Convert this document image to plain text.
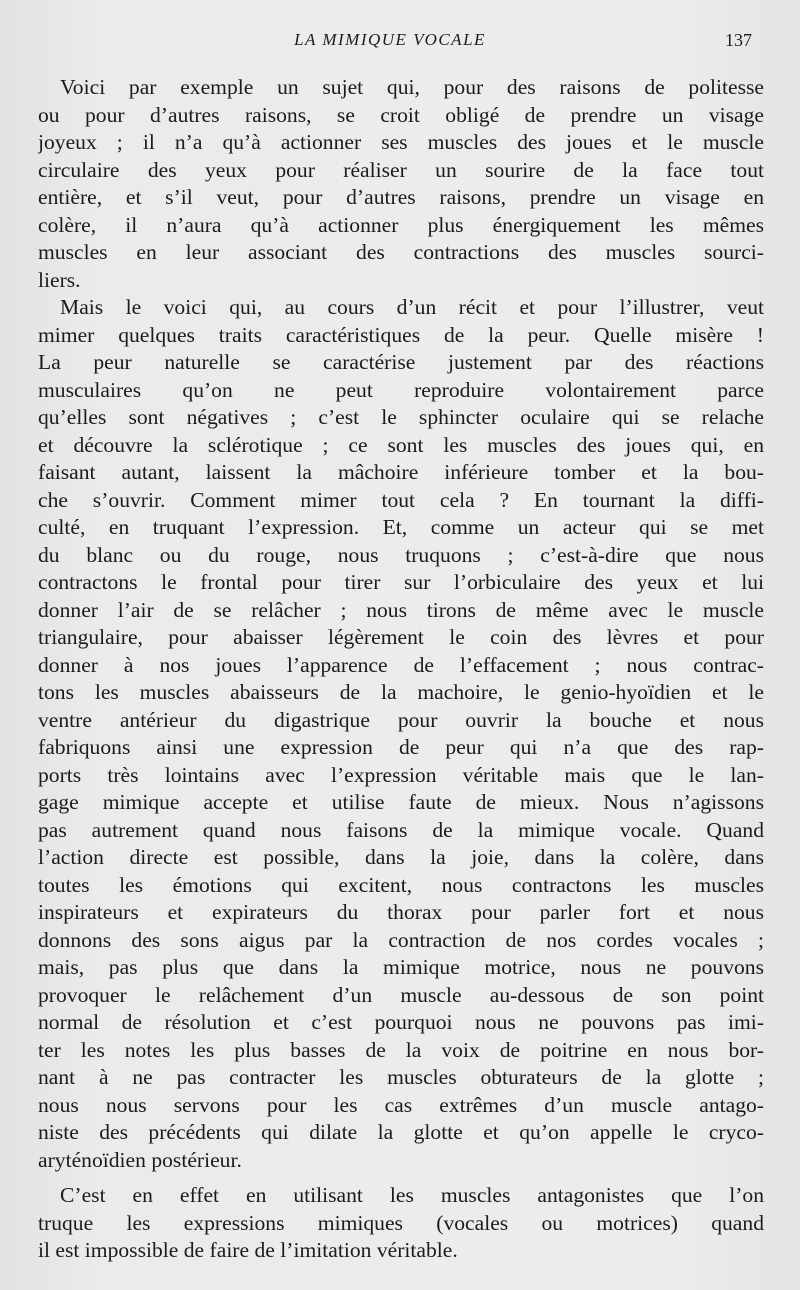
LA MIMIQUE VOCALE	137
Voici par exemple un sujet qui, pour des raisons de politesse
ou pour d’autres raisons, se croit obligé de prendre un visage
joyeux ; il n’a qu’à actionner ses muscles des joues et le muscle
circulaire des yeux pour réaliser un sourire de la face tout
entière, et s’il veut, pour d’autres raisons, prendre un visage en
colère, il n’aura qu’à actionner plus énergiquement les mêmes
muscles en leur associant des contractions des muscles sourci-
liers.
Mais le voici qui, au cours d’un récit et pour l’illustrer, veut
mimer quelques traits caractéristiques de la peur. Quelle misère !
La peur naturelle se caractérise justement par des réactions
musculaires qu’on ne peut reproduire volontairement parce
qu’elles sont négatives ; c’est le sphincter oculaire qui se relache
et découvre la sclérotique ; ce sont les muscles des joues qui, en
faisant autant, laissent la mâchoire inférieure tomber et la bou-
che s’ouvrir. Comment mimer tout cela ? En tournant la diffi-
culté, en truquant l’expression. Et, comme un acteur qui se met
du blanc ou du rouge, nous truquons ; c’est-à-dire que nous
contractons le frontal pour tirer sur l’orbiculaire des yeux et lui
donner l’air de se relâcher ; nous tirons de même avec le muscle
triangulaire, pour abaisser légèrement le coin des lèvres et pour
donner à nos joues l’apparence de l’effacement ; nous contrac-
tons les muscles abaisseurs de la machoire, le genio-hyoïdien et le
ventre antérieur du digastrique pour ouvrir la bouche et nous
fabriquons ainsi une expression de peur qui n’a que des rap-
ports très lointains avec l’expression véritable mais que le lan-
gage mimique accepte et utilise faute de mieux. Nous n’agissons
pas autrement quand nous faisons de la mimique vocale. Quand
l’action directe est possible, dans la joie, dans la colère, dans
toutes les émotions qui excitent, nous contractons les muscles
inspirateurs et expirateurs du thorax pour parler fort et nous
donnons des sons aigus par la contraction de nos cordes vocales ;
mais, pas plus que dans la mimique motrice, nous ne pouvons
provoquer le relâchement d’un muscle au-dessous de son point
normal de résolution et c’est pourquoi nous ne pouvons pas imi-
ter les notes les plus basses de la voix de poitrine en nous bor-
nant à ne pas contracter les muscles obturateurs de la glotte ;
nous nous servons pour les cas extrêmes d’un muscle antago-
niste des précédents qui dilate la glotte et qu’on appelle le cryco-
aryténoïdien postérieur.
C’est en effet en utilisant les muscles antagonistes que l’on
truque les expressions mimiques (vocales ou motrices) quand
il est impossible de faire de l’imitation véritable.
